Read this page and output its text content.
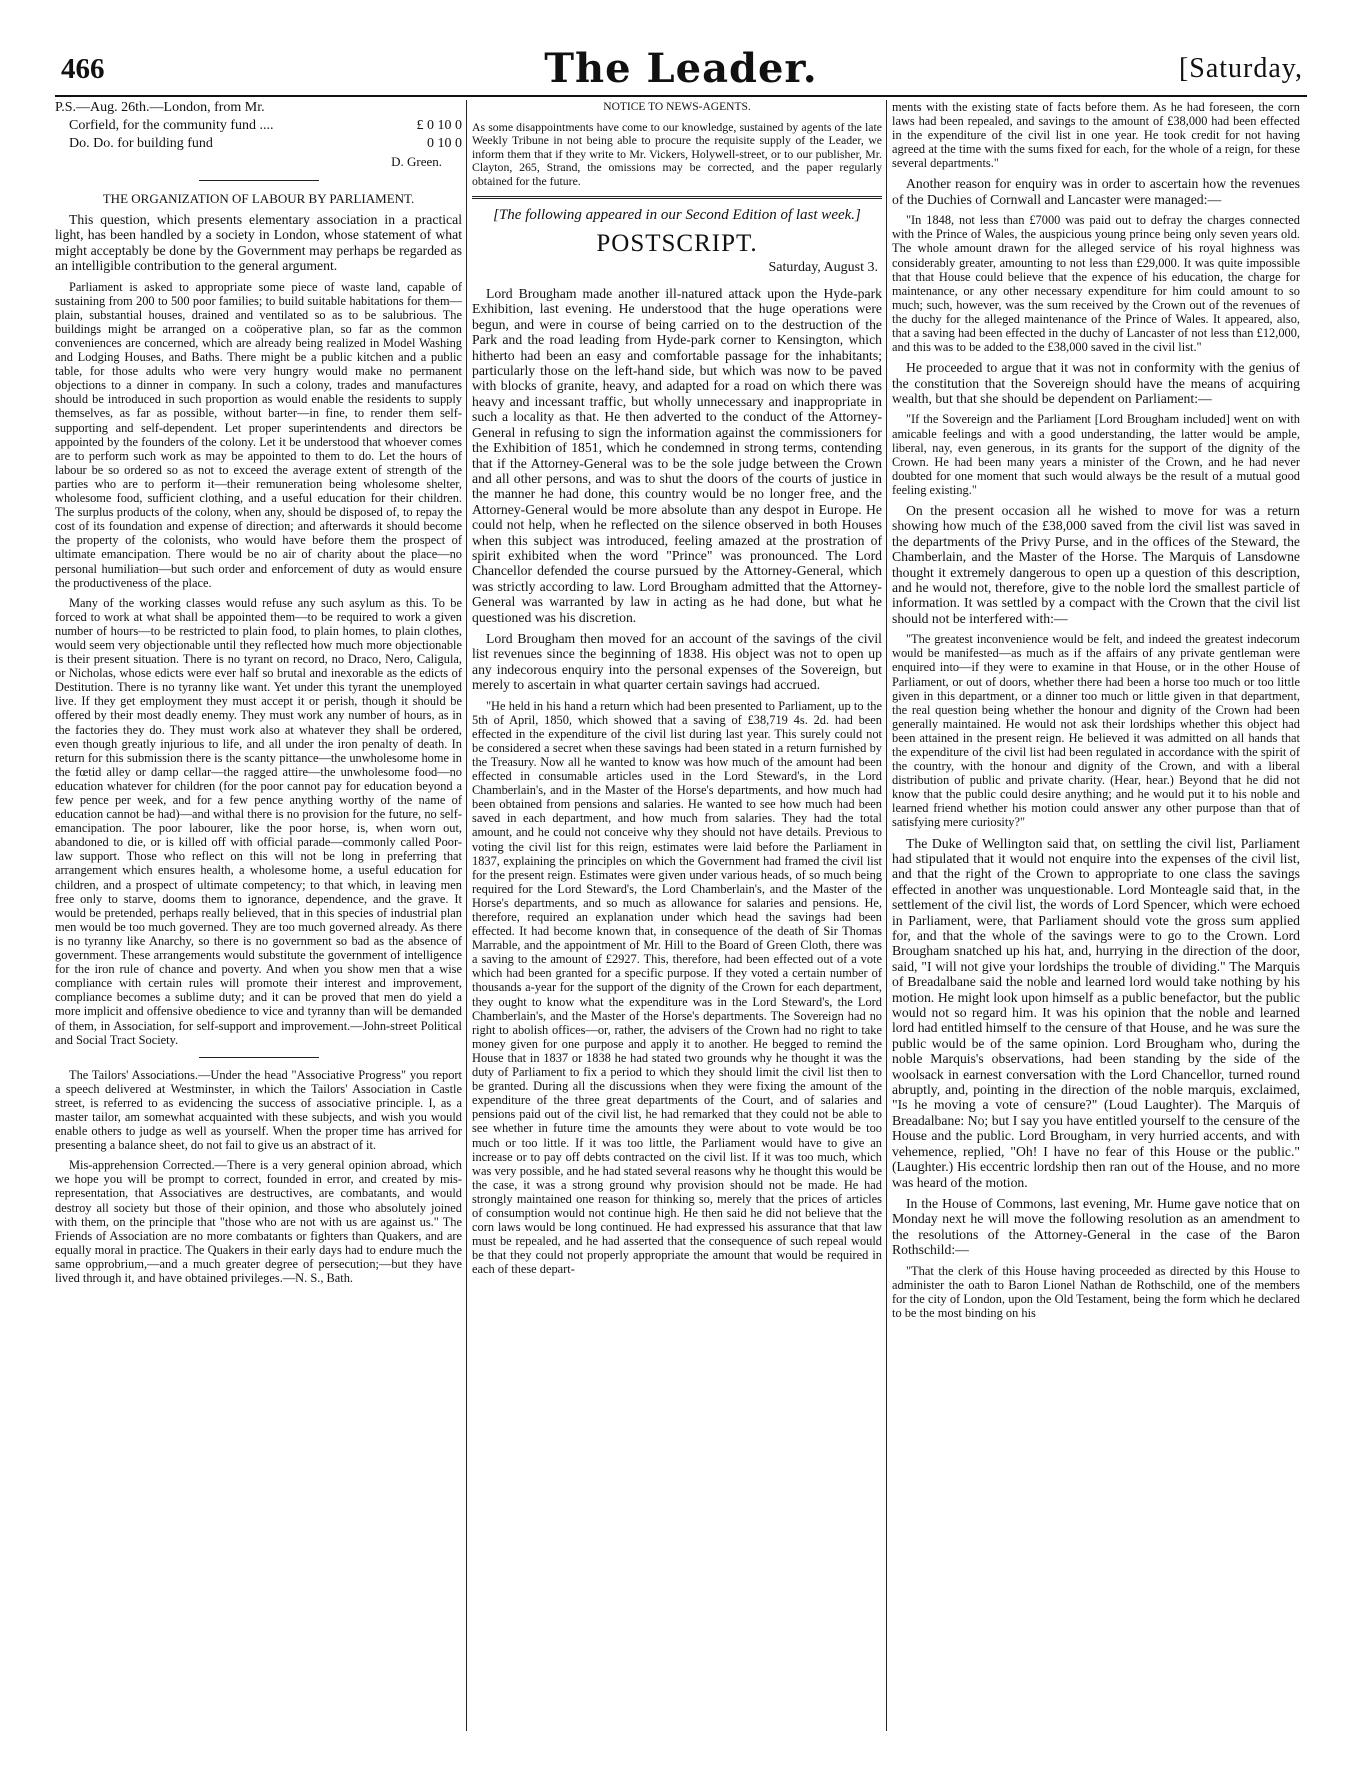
466	The Leader.	[Saturday,
P.S.—Aug. 26th.—London, from Mr.
Corfield, for the community fund ....	£ 0 10 0
Do. Do. for building fund	0 10 0
D. Green.
THE ORGANIZATION OF LABOUR BY PARLIAMENT.

This question, which presents elementary association in a practical light, has been handled by a society in London, whose statement of what might acceptably be done by the Government may perhaps be regarded as an intelligible contribution to the general argument.

Parliament is asked to appropriate some piece of waste land, capable of sustaining from 200 to 500 poor families; to build suitable habitations for them—plain, substantial houses, drained and ventilated so as to be salubrious. The buildings might be arranged on a coöperative plan, so far as the common conveniences are concerned, which are already being realized in Model Washing and Lodging Houses, and Baths. There might be a public kitchen and a public table, for those adults who were very hungry would make no permanent objections to a dinner in company. In such a colony, trades and manufactures should be introduced in such proportion as would enable the residents to supply themselves, as far as possible, without barter—in fine, to render them self-supporting and self-dependent. Let proper superintendents and directors be appointed by the founders of the colony. Let it be understood that whoever comes are to perform such work as may be appointed to them to do. Let the hours of labour be so ordered so as not to exceed the average extent of strength of the parties who are to perform it—their remuneration being wholesome shelter, wholesome food, sufficient clothing, and a useful education for their children. The surplus products of the colony, when any, should be disposed of, to repay the cost of its foundation and expense of direction; and afterwards it should become the property of the colonists, who would have before them the prospect of ultimate emancipation. There would be no air of charity about the place—no personal humiliation—but such order and enforcement of duty as would ensure the productiveness of the place.

Many of the working classes would refuse any such asylum as this. To be forced to work at what shall be appointed them—to be required to work a given number of hours—to be restricted to plain food, to plain homes, to plain clothes, would seem very objectionable until they reflected how much more objectionable is their present situation. There is no tyrant on record, no Draco, Nero, Caligula, or Nicholas, whose edicts were ever half so brutal and inexorable as the edicts of Destitution. There is no tyranny like want. Yet under this tyrant the unemployed live. If they get employment they must accept it or perish, though it should be offered by their most deadly enemy. They must work any number of hours, as in the factories they do. They must work also at whatever they shall be ordered, even though greatly injurious to life, and all under the iron penalty of death. In return for this submission there is the scanty pittance—the unwholesome home in the fœtid alley or damp cellar—the ragged attire—the unwholesome food—no education whatever for children (for the poor cannot pay for education beyond a few pence per week, and for a few pence anything worthy of the name of education cannot be had)—and withal there is no provision for the future, no self-emancipation. The poor labourer, like the poor horse, is, when worn out, abandoned to die, or is killed off with official parade—commonly called Poor-law support. Those who reflect on this will not be long in preferring that arrangement which ensures health, a wholesome home, a useful education for children, and a prospect of ultimate competency; to that which, in leaving men free only to starve, dooms them to ignorance, dependence, and the grave. It would be pretended, perhaps really believed, that in this species of industrial plan men would be too much governed. They are too much governed already. As there is no tyranny like Anarchy, so there is no government so bad as the absence of government. These arrangements would substitute the government of intelligence for the iron rule of chance and poverty. And when you show men that a wise compliance with certain rules will promote their interest and improvement, compliance becomes a sublime duty; and it can be proved that men do yield a more implicit and offensive obedience to vice and tyranny than will be demanded of them, in Association, for self-support and improvement.—John-street Political and Social Tract Society.

The Tailors' Associations.—Under the head "Associative Progress" you report a speech delivered at Westminster, in which the Tailors' Association in Castle street, is referred to as evidencing the success of associative principle. I, as a master tailor, am somewhat acquainted with these subjects, and wish you would enable others to judge as well as yourself. When the proper time has arrived for presenting a balance sheet, do not fail to give us an abstract of it.

Mis-apprehension Corrected.—There is a very general opinion abroad, which we hope you will be prompt to correct, founded in error, and created by mis-representation, that Associatives are destructives, are combatants, and would destroy all society but those of their opinion, and those who absolutely joined with them, on the principle that "those who are not with us are against us." The Friends of Association are no more combatants or fighters than Quakers, and are equally moral in practice. The Quakers in their early days had to endure much the same opprobrium,—and a much greater degree of persecution;—but they have lived through it, and have obtained privileges.—N. S., Bath.

NOTICE TO NEWS-AGENTS.

As some disappointments have come to our knowledge, sustained by agents of the late Weekly Tribune in not being able to procure the requisite supply of the Leader, we inform them that if they write to Mr. Vickers, Holywell-street, or to our publisher, Mr. Clayton, 265, Strand, the omissions may be corrected, and the paper regularly obtained for the future.

[The following appeared in our Second Edition of last week.]
POSTSCRIPT.
Saturday, August 3.

Lord Brougham made another ill-natured attack upon the Hyde-park Exhibition, last evening. He understood that the huge operations were begun, and were in course of being carried on to the destruction of the Park and the road leading from Hyde-park corner to Kensington, which hitherto had been an easy and comfortable passage for the inhabitants; particularly those on the left-hand side, but which was now to be paved with blocks of granite, heavy, and adapted for a road on which there was heavy and incessant traffic, but wholly unnecessary and inappropriate in such a locality as that. He then adverted to the conduct of the Attorney-General in refusing to sign the information against the commissioners for the Exhibition of 1851, which he condemned in strong terms, contending that if the Attorney-General was to be the sole judge between the Crown and all other persons, and was to shut the doors of the courts of justice in the manner he had done, this country would be no longer free, and the Attorney-General would be more absolute than any despot in Europe. He could not help, when he reflected on the silence observed in both Houses when this subject was introduced, feeling amazed at the prostration of spirit exhibited when the word "Prince" was pronounced. The Lord Chancellor defended the course pursued by the Attorney-General, which was strictly according to law. Lord Brougham admitted that the Attorney-General was warranted by law in acting as he had done, but what he questioned was his discretion.

Lord Brougham then moved for an account of the savings of the civil list revenues since the beginning of 1838. His object was not to open up any indecorous enquiry into the personal expenses of the Sovereign, but merely to ascertain in what quarter certain savings had accrued.

"He held in his hand a return which had been presented to Parliament, up to the 5th of April, 1850, which showed that a saving of £38,719 4s. 2d. had been effected in the expenditure of the civil list during last year. This surely could not be considered a secret when these savings had been stated in a return furnished by the Treasury. Now all he wanted to know was how much of the amount had been effected in consumable articles used in the Lord Steward's, in the Lord Chamberlain's, and in the Master of the Horse's departments, and how much had been obtained from pensions and salaries. He wanted to see how much had been saved in each department, and how much from salaries. They had the total amount, and he could not conceive why they should not have details. Previous to voting the civil list for this reign, estimates were laid before the Parliament in 1837, explaining the principles on which the Government had framed the civil list for the present reign. Estimates were given under various heads, of so much being required for the Lord Steward's, the Lord Chamberlain's, and the Master of the Horse's departments, and so much as allowance for salaries and pensions. He, therefore, required an explanation under which head the savings had been effected. It had become known that, in consequence of the death of Sir Thomas Marrable, and the appointment of Mr. Hill to the Board of Green Cloth, there was a saving to the amount of £2927. This, therefore, had been effected out of a vote which had been granted for a specific purpose. If they voted a certain number of thousands a-year for the support of the dignity of the Crown for each department, they ought to know what the expenditure was in the Lord Steward's, the Lord Chamberlain's, and the Master of the Horse's departments. The Sovereign had no right to abolish offices—or, rather, the advisers of the Crown had no right to take money given for one purpose and apply it to another. He begged to remind the House that in 1837 or 1838 he had stated two grounds why he thought it was the duty of Parliament to fix a period to which they should limit the civil list then to be granted. During all the discussions when they were fixing the amount of the expenditure of the three great departments of the Court, and of salaries and pensions paid out of the civil list, he had remarked that they could not be able to see whether in future time the amounts they were about to vote would be too much or too little. If it was too little, the Parliament would have to give an increase or to pay off debts contracted on the civil list. If it was too much, which was very possible, and he had stated several reasons why he thought this would be the case, it was a strong ground why provision should not be made. He had strongly maintained one reason for thinking so, merely that the prices of articles of consumption would not continue high. He then said he did not believe that the corn laws would be long continued. He had expressed his assurance that that law must be repealed, and he had asserted that the consequence of such repeal would be that they could not properly appropriate the amount that would be required in each of these depart-

ments with the existing state of facts before them. As he had foreseen, the corn laws had been repealed, and savings to the amount of £38,000 had been effected in the expenditure of the civil list in one year. He took credit for not having agreed at the time with the sums fixed for each, for the whole of a reign, for these several departments."

Another reason for enquiry was in order to ascertain how the revenues of the Duchies of Cornwall and Lancaster were managed:—

"In 1848, not less than £7000 was paid out to defray the charges connected with the Prince of Wales, the auspicious young prince being only seven years old. The whole amount drawn for the alleged service of his royal highness was considerably greater, amounting to not less than £29,000. It was quite impossible that that House could believe that the expence of his education, the charge for maintenance, or any other necessary expenditure for him could amount to so much; such, however, was the sum received by the Crown out of the revenues of the duchy for the alleged maintenance of the Prince of Wales. It appeared, also, that a saving had been effected in the duchy of Lancaster of not less than £12,000, and this was to be added to the £38,000 saved in the civil list."

He proceeded to argue that it was not in conformity with the genius of the constitution that the Sovereign should have the means of acquiring wealth, but that she should be dependent on Parliament:—

"If the Sovereign and the Parliament [Lord Brougham included] went on with amicable feelings and with a good understanding, the latter would be ample, liberal, nay, even generous, in its grants for the support of the dignity of the Crown. He had been many years a minister of the Crown, and he had never doubted for one moment that such would always be the result of a mutual good feeling existing."

On the present occasion all he wished to move for was a return showing how much of the £38,000 saved from the civil list was saved in the departments of the Privy Purse, and in the offices of the Steward, the Chamberlain, and the Master of the Horse. The Marquis of Lansdowne thought it extremely dangerous to open up a question of this description, and he would not, therefore, give to the noble lord the smallest particle of information. It was settled by a compact with the Crown that the civil list should not be interfered with:—

"The greatest inconvenience would be felt, and indeed the greatest indecorum would be manifested—as much as if the affairs of any private gentleman were enquired into—if they were to examine in that House, or in the other House of Parliament, or out of doors, whether there had been a horse too much or too little given in this department, or a dinner too much or little given in that department, the real question being whether the honour and dignity of the Crown had been generally maintained. He would not ask their lordships whether this object had been attained in the present reign. He believed it was admitted on all hands that the expenditure of the civil list had been regulated in accordance with the spirit of the country, with the honour and dignity of the Crown, and with a liberal distribution of public and private charity. (Hear, hear.) Beyond that he did not know that the public could desire anything; and he would put it to his noble and learned friend whether his motion could answer any other purpose than that of satisfying mere curiosity?"

The Duke of Wellington said that, on settling the civil list, Parliament had stipulated that it would not enquire into the expenses of the civil list, and that the right of the Crown to appropriate to one class the savings effected in another was unquestionable. Lord Monteagle said that, in the settlement of the civil list, the words of Lord Spencer, which were echoed in Parliament, were, that Parliament should vote the gross sum applied for, and that the whole of the savings were to go to the Crown. Lord Brougham snatched up his hat, and, hurrying in the direction of the door, said, "I will not give your lordships the trouble of dividing." The Marquis of Breadalbane said the noble and learned lord would take nothing by his motion. He might look upon himself as a public benefactor, but the public would not so regard him. It was his opinion that the noble and learned lord had entitled himself to the censure of that House, and he was sure the public would be of the same opinion. Lord Brougham who, during the noble Marquis's observations, had been standing by the side of the woolsack in earnest conversation with the Lord Chancellor, turned round abruptly, and, pointing in the direction of the noble marquis, exclaimed, "Is he moving a vote of censure?" (Loud Laughter). The Marquis of Breadalbane: No; but I say you have entitled yourself to the censure of the House and the public. Lord Brougham, in very hurried accents, and with vehemence, replied, "Oh! I have no fear of this House or the public." (Laughter.) His eccentric lordship then ran out of the House, and no more was heard of the motion.

In the House of Commons, last evening, Mr. Hume gave notice that on Monday next he will move the following resolution as an amendment to the resolutions of the Attorney-General in the case of the Baron Rothschild:—

"That the clerk of this House having proceeded as directed by this House to administer the oath to Baron Lionel Nathan de Rothschild, one of the members for the city of London, upon the Old Testament, being the form which he declared to be the most binding on his
